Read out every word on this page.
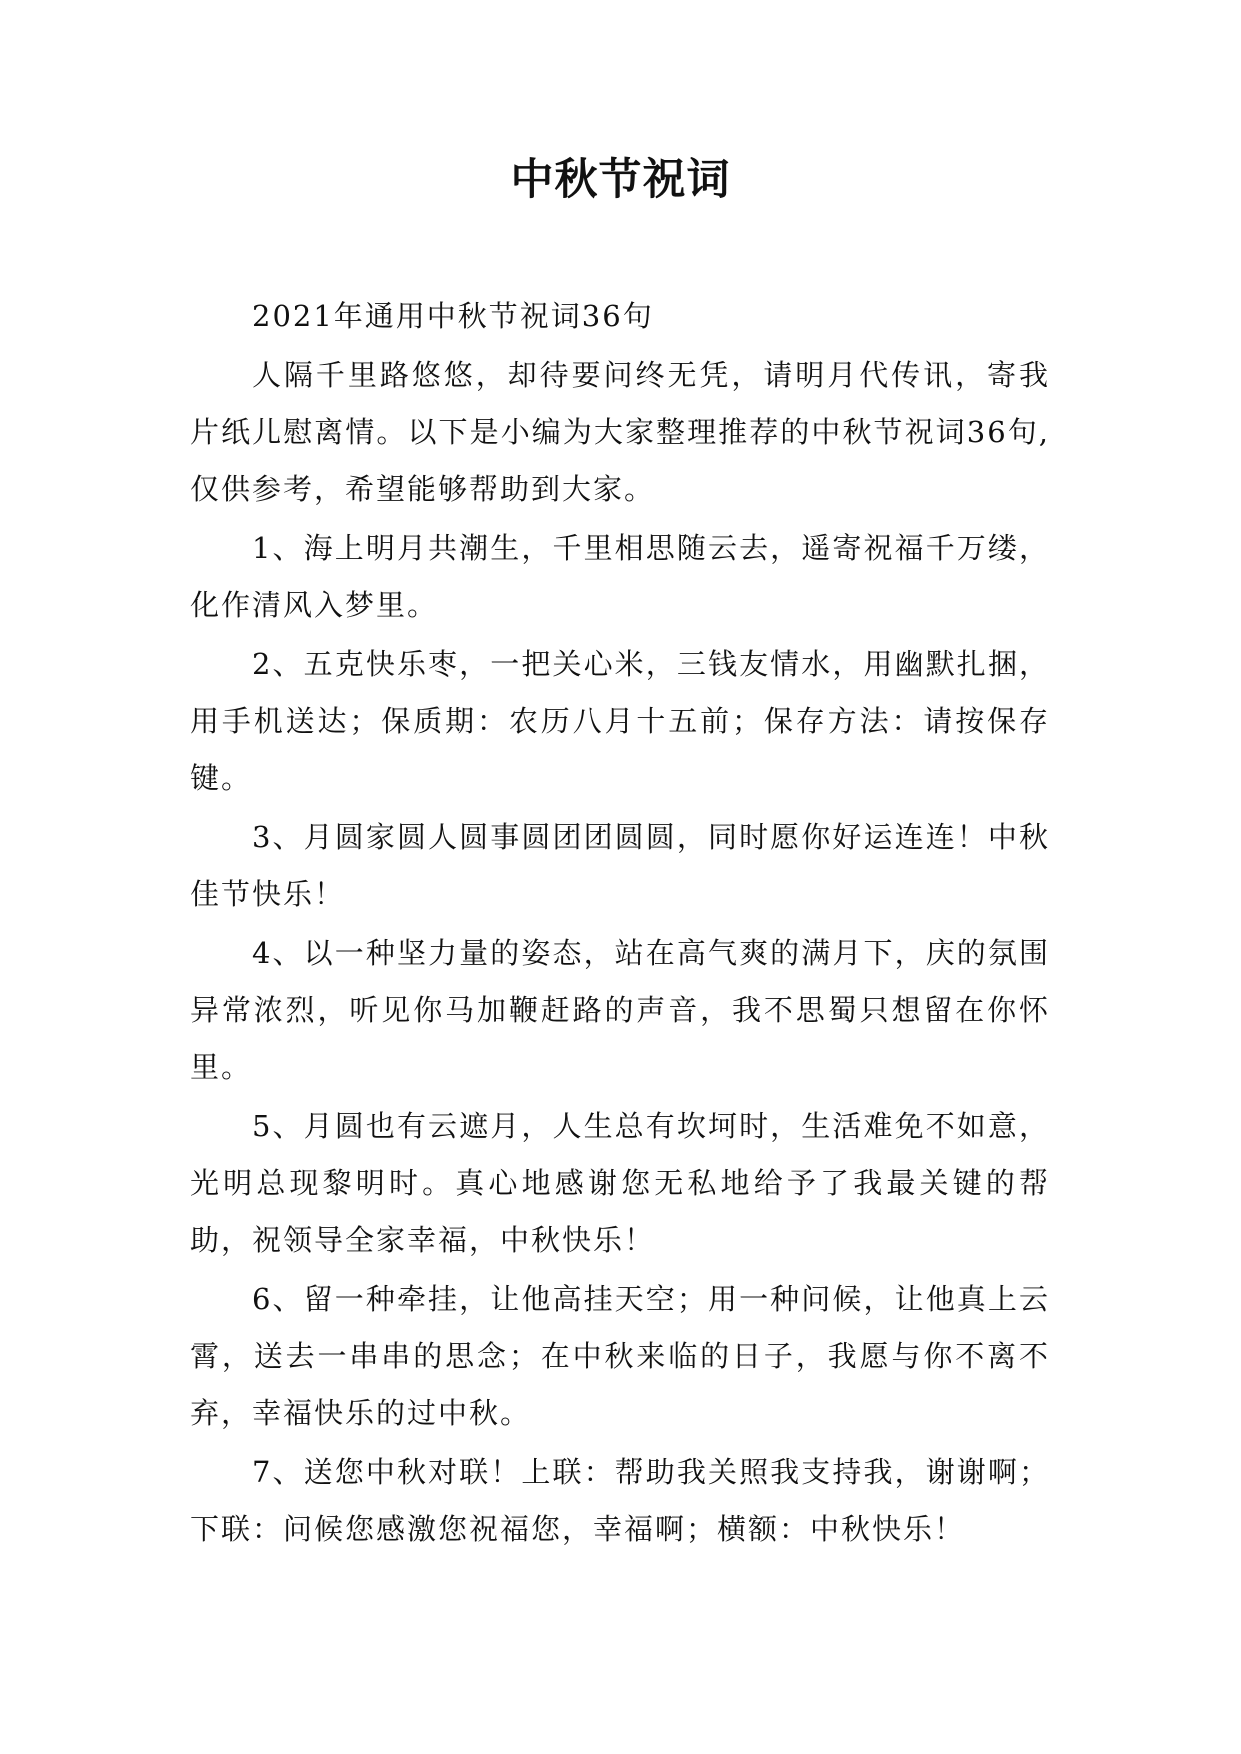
中秋节祝词

2021年通用中秋节祝词36句

人隔千里路悠悠，却待要问终无凭，请明月代传讯，寄我片纸儿慰离情。以下是小编为大家整理推荐的中秋节祝词36句,仅供参考，希望能够帮助到大家。

1、海上明月共潮生，千里相思随云去，遥寄祝福千万缕，化作清风入梦里。

2、五克快乐枣，一把关心米，三钱友情水，用幽默扎捆，用手机送达；保质期：农历八月十五前；保存方法：请按保存键。

3、月圆家圆人圆事圆团团圆圆，同时愿你好运连连！中秋佳节快乐！

4、以一种坚力量的姿态，站在高气爽的满月下，庆的氛围异常浓烈，听见你马加鞭赶路的声音，我不思蜀只想留在你怀里。

5、月圆也有云遮月，人生总有坎坷时，生活难免不如意，光明总现黎明时。真心地感谢您无私地给予了我最关键的帮助，祝领导全家幸福，中秋快乐！

6、留一种牵挂，让他高挂天空；用一种问候，让他真上云霄，送去一串串的思念；在中秋来临的日子，我愿与你不离不弃，幸福快乐的过中秋。

7、送您中秋对联！上联：帮助我关照我支持我，谢谢啊；下联：问候您感激您祝福您，幸福啊；横额：中秋快乐！
